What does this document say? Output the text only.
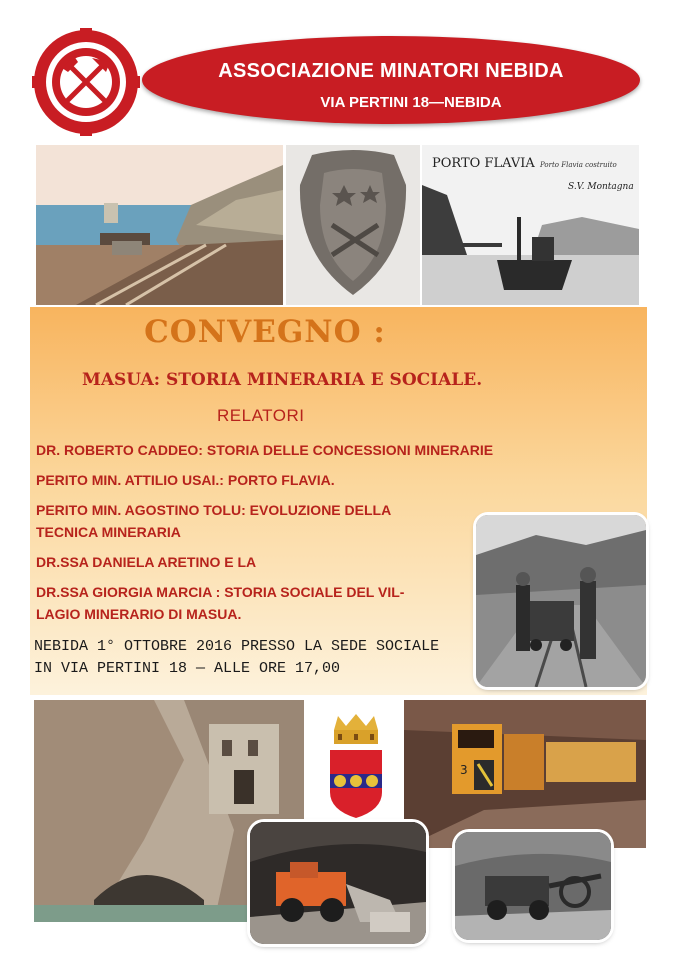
ASSOCIAZIONE MINATORI NEBIDA
VIA PERTINI 18—NEBIDA
PORTO FLAVIA Porto Flavia costruito
S.V. Montagna
CONVEGNO :
MASUA: STORIA MINERARIA E SOCIALE.
RELATORI
DR. ROBERTO CADDEO: STORIA DELLE CONCESSIONI MINERARIE
PERITO MIN. ATTILIO USAI.: PORTO FLAVIA.
PERITO MIN. AGOSTINO TOLU: EVOLUZIONE DELLA
TECNICA MINERARIA
DR.SSA DANIELA ARETINO E LA
DR.SSA GIORGIA MARCIA : STORIA SOCIALE DEL VIL-
LAGIO MINERARIO DI MASUA.
NEBIDA 1° OTTOBRE 2016 PRESSO LA SEDE SOCIALE
IN VIA PERTINI 18 — ALLE ORE 17,00
3
